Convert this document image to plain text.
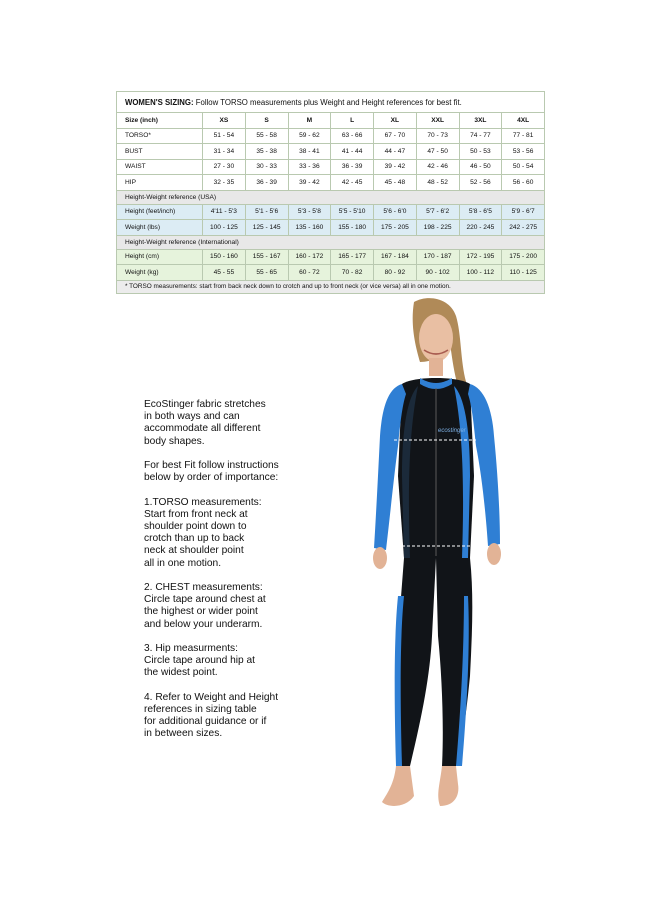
WOMEN'S SIZING: Follow TORSO measurements plus Weight and Height references for best fit.								
Size (inch)	XS	S	M	L	XL	XXL	3XL	4XL
TORSO*	51 - 54	55 - 58	59 - 62	63 - 66	67 - 70	70 - 73	74 - 77	77 - 81
BUST	31 - 34	35 - 38	38 - 41	41 - 44	44 - 47	47 - 50	50 - 53	53 - 56
WAIST	27 - 30	30 - 33	33 - 36	36 - 39	39 - 42	42 - 46	46 - 50	50 - 54
HIP	32 - 35	36 - 39	39 - 42	42 - 45	45 - 48	48 - 52	52 - 56	56 - 60
Height-Weight reference (USA)								
Height (feet/inch)	4'11 - 5'3	5'1 - 5'6	5'3 - 5'8	5'5 - 5'10	5'6 - 6'0	5'7 - 6'2	5'8 - 6'5	5'9 - 6'7
Weight (lbs)	100 - 125	125 - 145	135 - 160	155 - 180	175 - 205	198 - 225	220 - 245	242 - 275
Height-Weight reference (International)								
Height (cm)	150 - 160	155 - 167	160 - 172	165 - 177	167 - 184	170 - 187	172 - 195	175 - 200
Weight (kg)	45 - 55	55 - 65	60 - 72	70 - 82	80 - 92	90 - 102	100 - 112	110 - 125
* TORSO measurements: start from back neck down to crotch and up to front neck (or vice versa) all in one motion.								

EcoStinger fabric stretches
in both ways and can
accommodate all different
body shapes.

For best Fit follow instructions
below by order of importance:

1.TORSO measurements:
Start from front neck at
shoulder point down to
crotch than up to back
neck at shoulder point
all in one motion.

2. CHEST measurements:
Circle tape around chest at
the highest or wider point
and below your underarm.

3. Hip measurments:
Circle tape around hip at
the widest point.

4. Refer to Weight and Height
references in sizing table
for additional guidance or if
in between sizes.

ecostinger
